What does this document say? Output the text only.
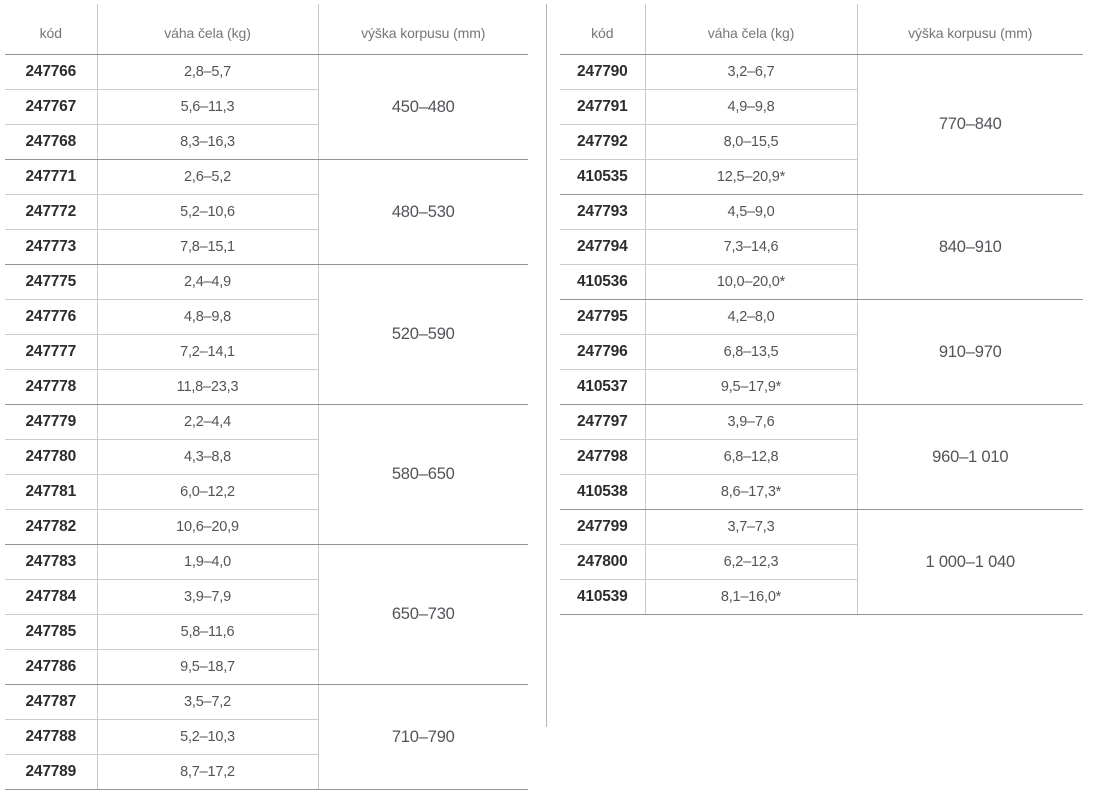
kód	váha čela (kg)	výška korpusu (mm)
247766	2,8–5,7	450–480
247767	5,6–11,3	
247768	8,3–16,3	
247771	2,6–5,2	480–530
247772	5,2–10,6	
247773	7,8–15,1	
247775	2,4–4,9	520–590
247776	4,8–9,8	
247777	7,2–14,1	
247778	11,8–23,3	
247779	2,2–4,4	580–650
247780	4,3–8,8	
247781	6,0–12,2	
247782	10,6–20,9	
247783	1,9–4,0	650–730
247784	3,9–7,9	
247785	5,8–11,6	
247786	9,5–18,7	
247787	3,5–7,2	710–790
247788	5,2–10,3	
247789	8,7–17,2	
kód	váha čela (kg)	výška korpusu (mm)
247790	3,2–6,7	770–840
247791	4,9–9,8	
247792	8,0–15,5	
410535	12,5–20,9*	
247793	4,5–9,0	840–910
247794	7,3–14,6	
410536	10,0–20,0*	
247795	4,2–8,0	910–970
247796	6,8–13,5	
410537	9,5–17,9*	
247797	3,9–7,6	960–1 010
247798	6,8–12,8	
410538	8,6–17,3*	
247799	3,7–7,3	1 000–1 040
247800	6,2–12,3	
410539	8,1–16,0*	
